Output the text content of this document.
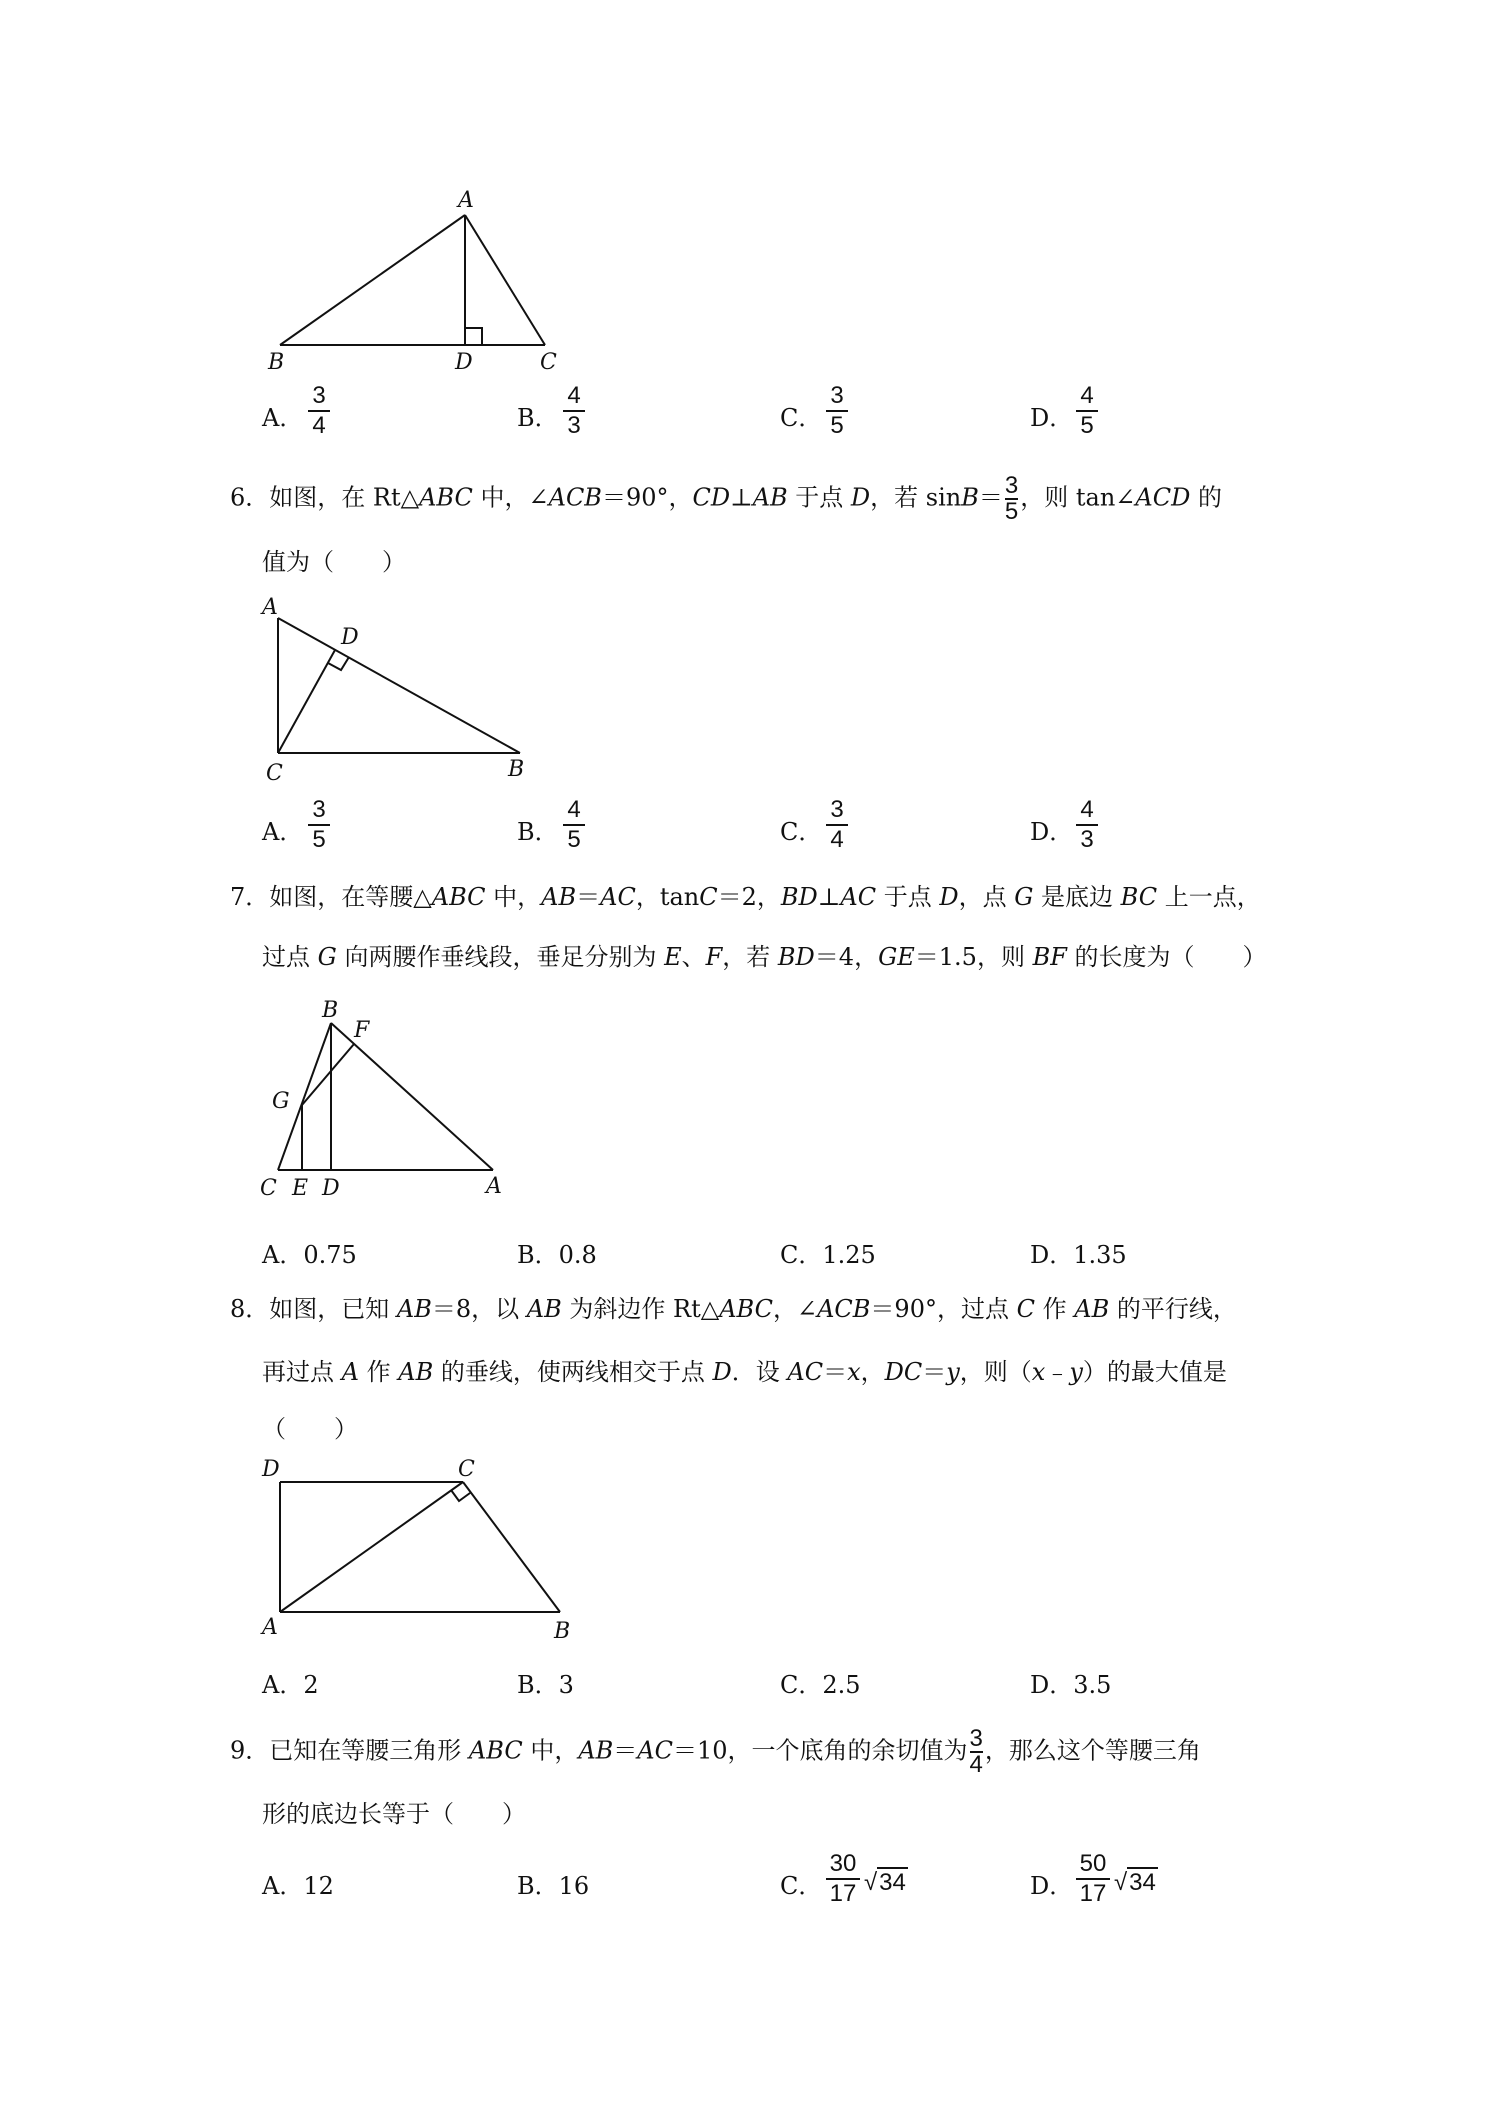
A
B	D	C
A．
3
4	B．
4
3	C．
3
5	D．
4
5
6．如图，在 Rt△ABC 中，∠ACB＝90°，CD⊥AB 于点 D，若 $\sin B= \frac{3}{5}$ ，则 tan∠ACD 的
值为（　　）
A
D
C	B
A．
3
5	B．
4
5	C．
3
4	D．
4
3
7．如图，在等腰△ABC 中，AB＝AC，tanC＝2，BD⊥AC 于点 D，点 G 是底边 BC 上一点，
过点 G 向两腰作垂线段，垂足分别为 E、F，若 BD＝4，GE＝1.5，则 BF 的长度为（　　）
B
F
G
C E D	A
A．0.75	B．0.8	C．1.25	D．1.35
8．如图，已知 AB＝8，以 AB 为斜边作 Rt△ABC，∠ACB＝90°，过点 C 作 AB 的平行线，
再过点 A 作 AB 的垂线，使两线相交于点 D．设 AC＝x，DC＝y，则（x﹣y）的最大值是
（　　）
D	C
A	B
A．2	B．3	C．2.5	D．3.5
9．已知在等腰三角形 ABC 中，AB＝AC＝10，一个底角的余切值为 $\frac{3}{4}$ ，那么这个等腰三角
形的底边长等于（　　）
A．12	B．16	C．
30
17 √34	D．
50
17 √34
